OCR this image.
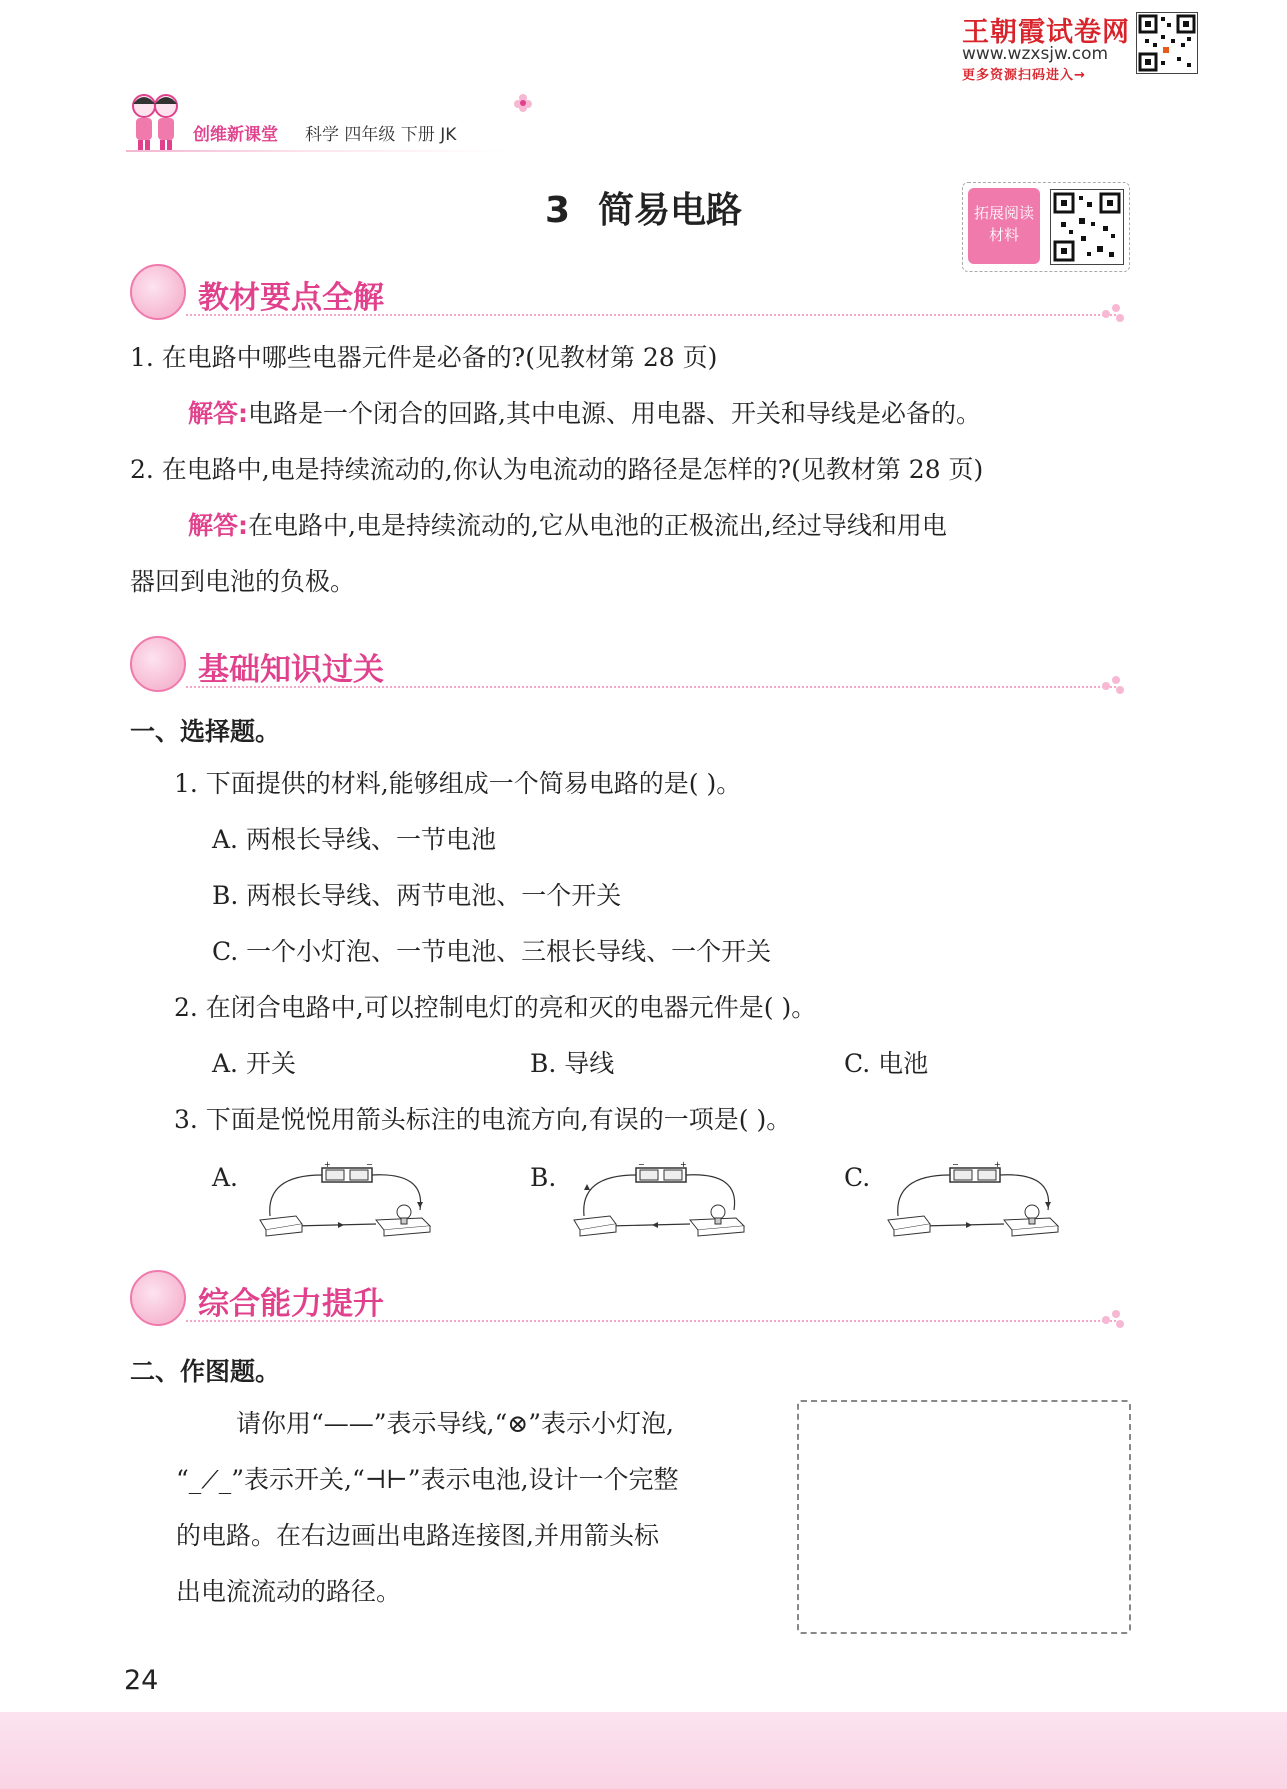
王朝霞试卷网
www.wzxsjw.com
更多资源扫码进入→
创维新课堂 科学 四年级 下册 JK
3 简易电路	拓展阅读
材料
教材要点全解
1. 在电路中哪些电器元件是必备的?(见教材第 28 页)
解答:电路是一个闭合的回路,其中电源、用电器、开关和导线是必备的。
2. 在电路中,电是持续流动的,你认为电流动的路径是怎样的?(见教材第 28 页)
解答:在电路中,电是持续流动的,它从电池的正极流出,经过导线和用电
器回到电池的负极。
基础知识过关
一、选择题。
1. 下面提供的材料,能够组成一个简易电路的是( )。
A. 两根长导线、一节电池
B. 两根长导线、两节电池、一个开关
C. 一个小灯泡、一节电池、三根长导线、一个开关
2. 在闭合电路中,可以控制电灯的亮和灭的电器元件是( )。
A. 开关	B. 导线	C. 电池
3. 下面是悦悦用箭头标注的电流方向,有误的一项是( )。
A.	B.	C.
+	−	−	+	−	+
综合能力提升
二、作图题。
请你用“——”表示导线,“⊗”表示小灯泡,
“_⟋_”表示开关,“⊣⊢”表示电池,设计一个完整
的电路。在右边画出电路连接图,并用箭头标
出电流流动的路径。
24
